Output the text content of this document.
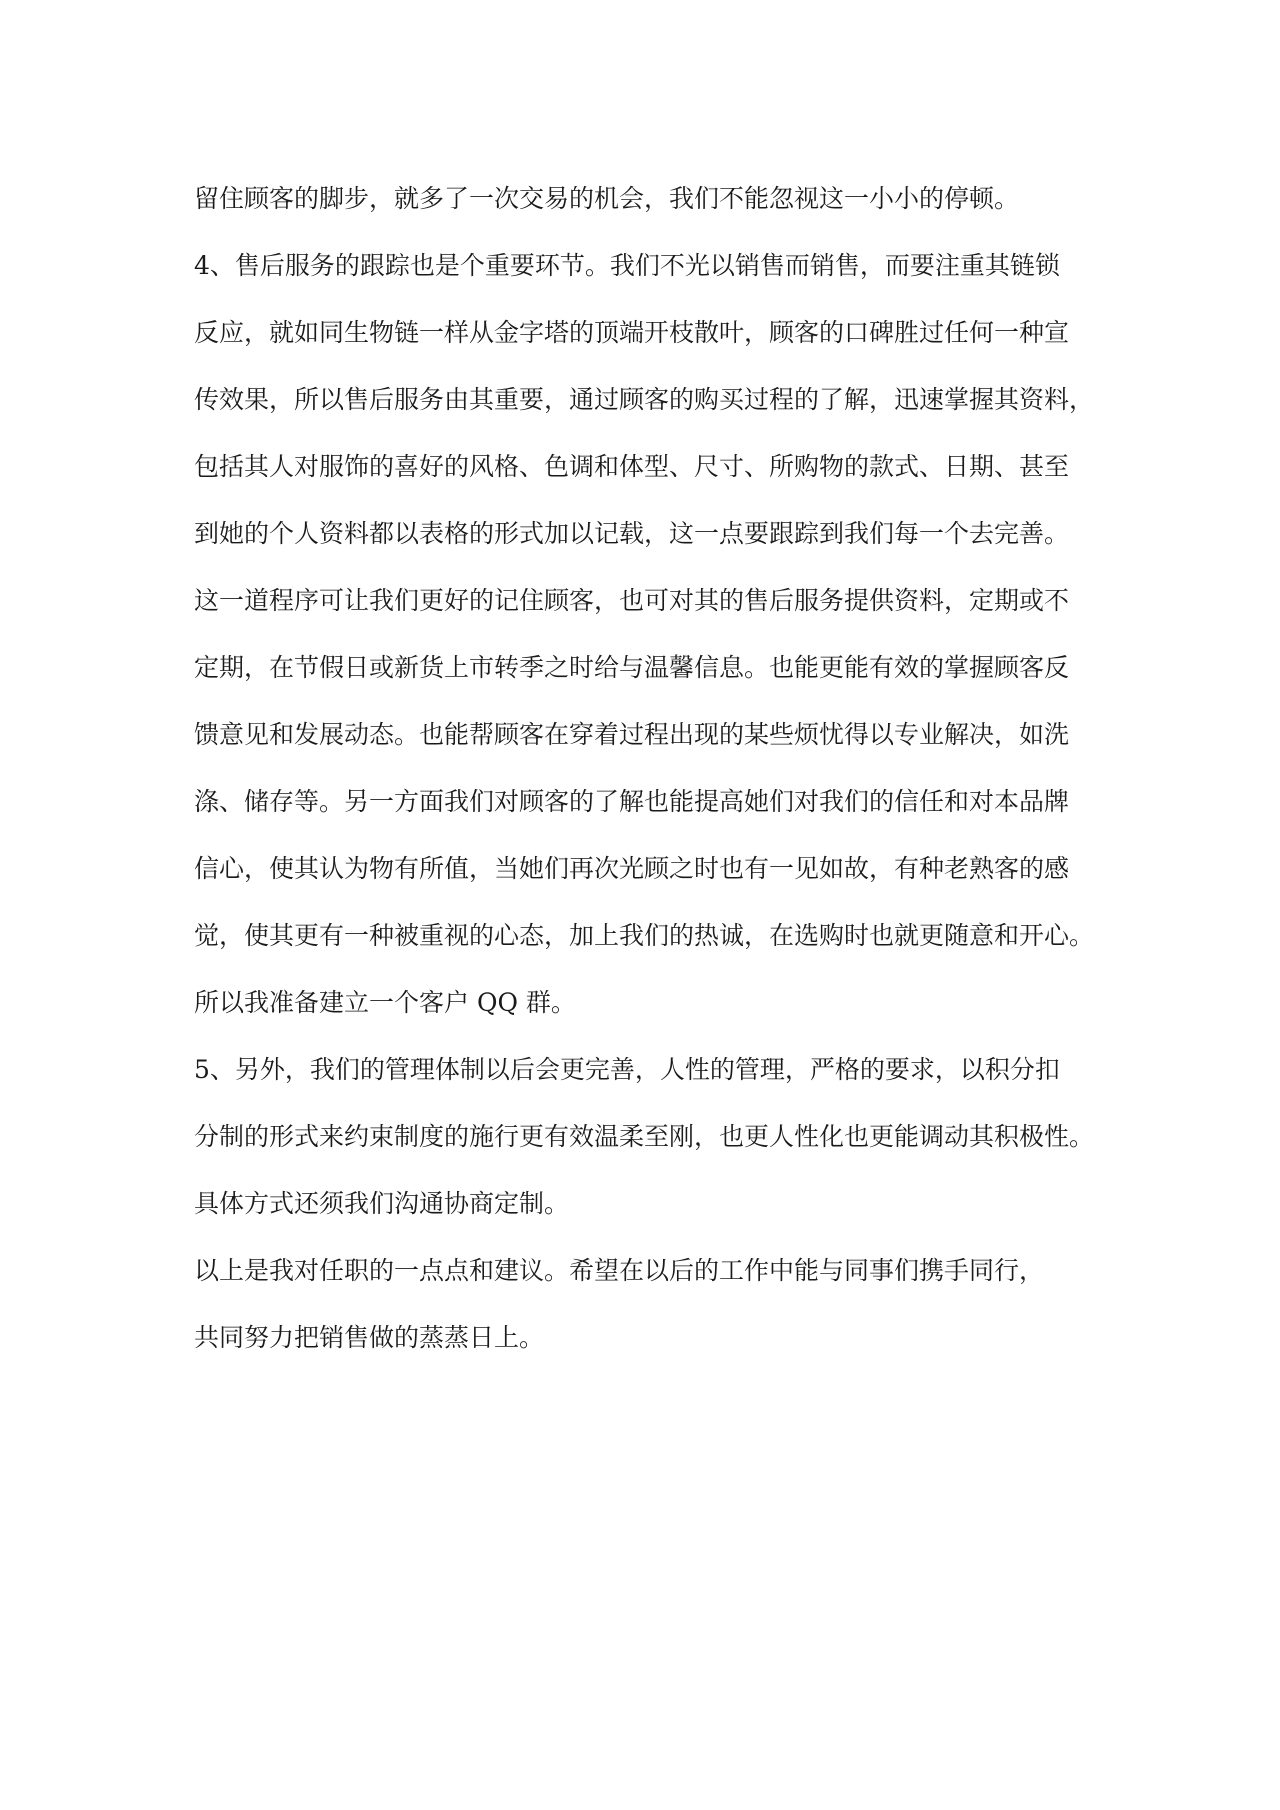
留住顾客的脚步，就多了一次交易的机会，我们不能忽视这一小小的停顿。
4、售后服务的跟踪也是个重要环节。我们不光以销售而销售，而要注重其链锁
反应，就如同生物链一样从金字塔的顶端开枝散叶，顾客的口碑胜过任何一种宣
传效果，所以售后服务由其重要，通过顾客的购买过程的了解，迅速掌握其资料，
包括其人对服饰的喜好的风格、色调和体型、尺寸、所购物的款式、日期、甚至
到她的个人资料都以表格的形式加以记载，这一点要跟踪到我们每一个去完善。
这一道程序可让我们更好的记住顾客，也可对其的售后服务提供资料，定期或不
定期，在节假日或新货上市转季之时给与温馨信息。也能更能有效的掌握顾客反
馈意见和发展动态。也能帮顾客在穿着过程出现的某些烦忧得以专业解决，如洗
涤、储存等。另一方面我们对顾客的了解也能提高她们对我们的信任和对本品牌
信心，使其认为物有所值，当她们再次光顾之时也有一见如故，有种老熟客的感
觉，使其更有一种被重视的心态，加上我们的热诚，在选购时也就更随意和开心。
所以我准备建立一个客户 QQ 群。
5、另外，我们的管理体制以后会更完善，人性的管理，严格的要求，以积分扣
分制的形式来约束制度的施行更有效温柔至刚，也更人性化也更能调动其积极性。
具体方式还须我们沟通协商定制。
以上是我对任职的一点点和建议。希望在以后的工作中能与同事们携手同行，
共同努力把销售做的蒸蒸日上。
